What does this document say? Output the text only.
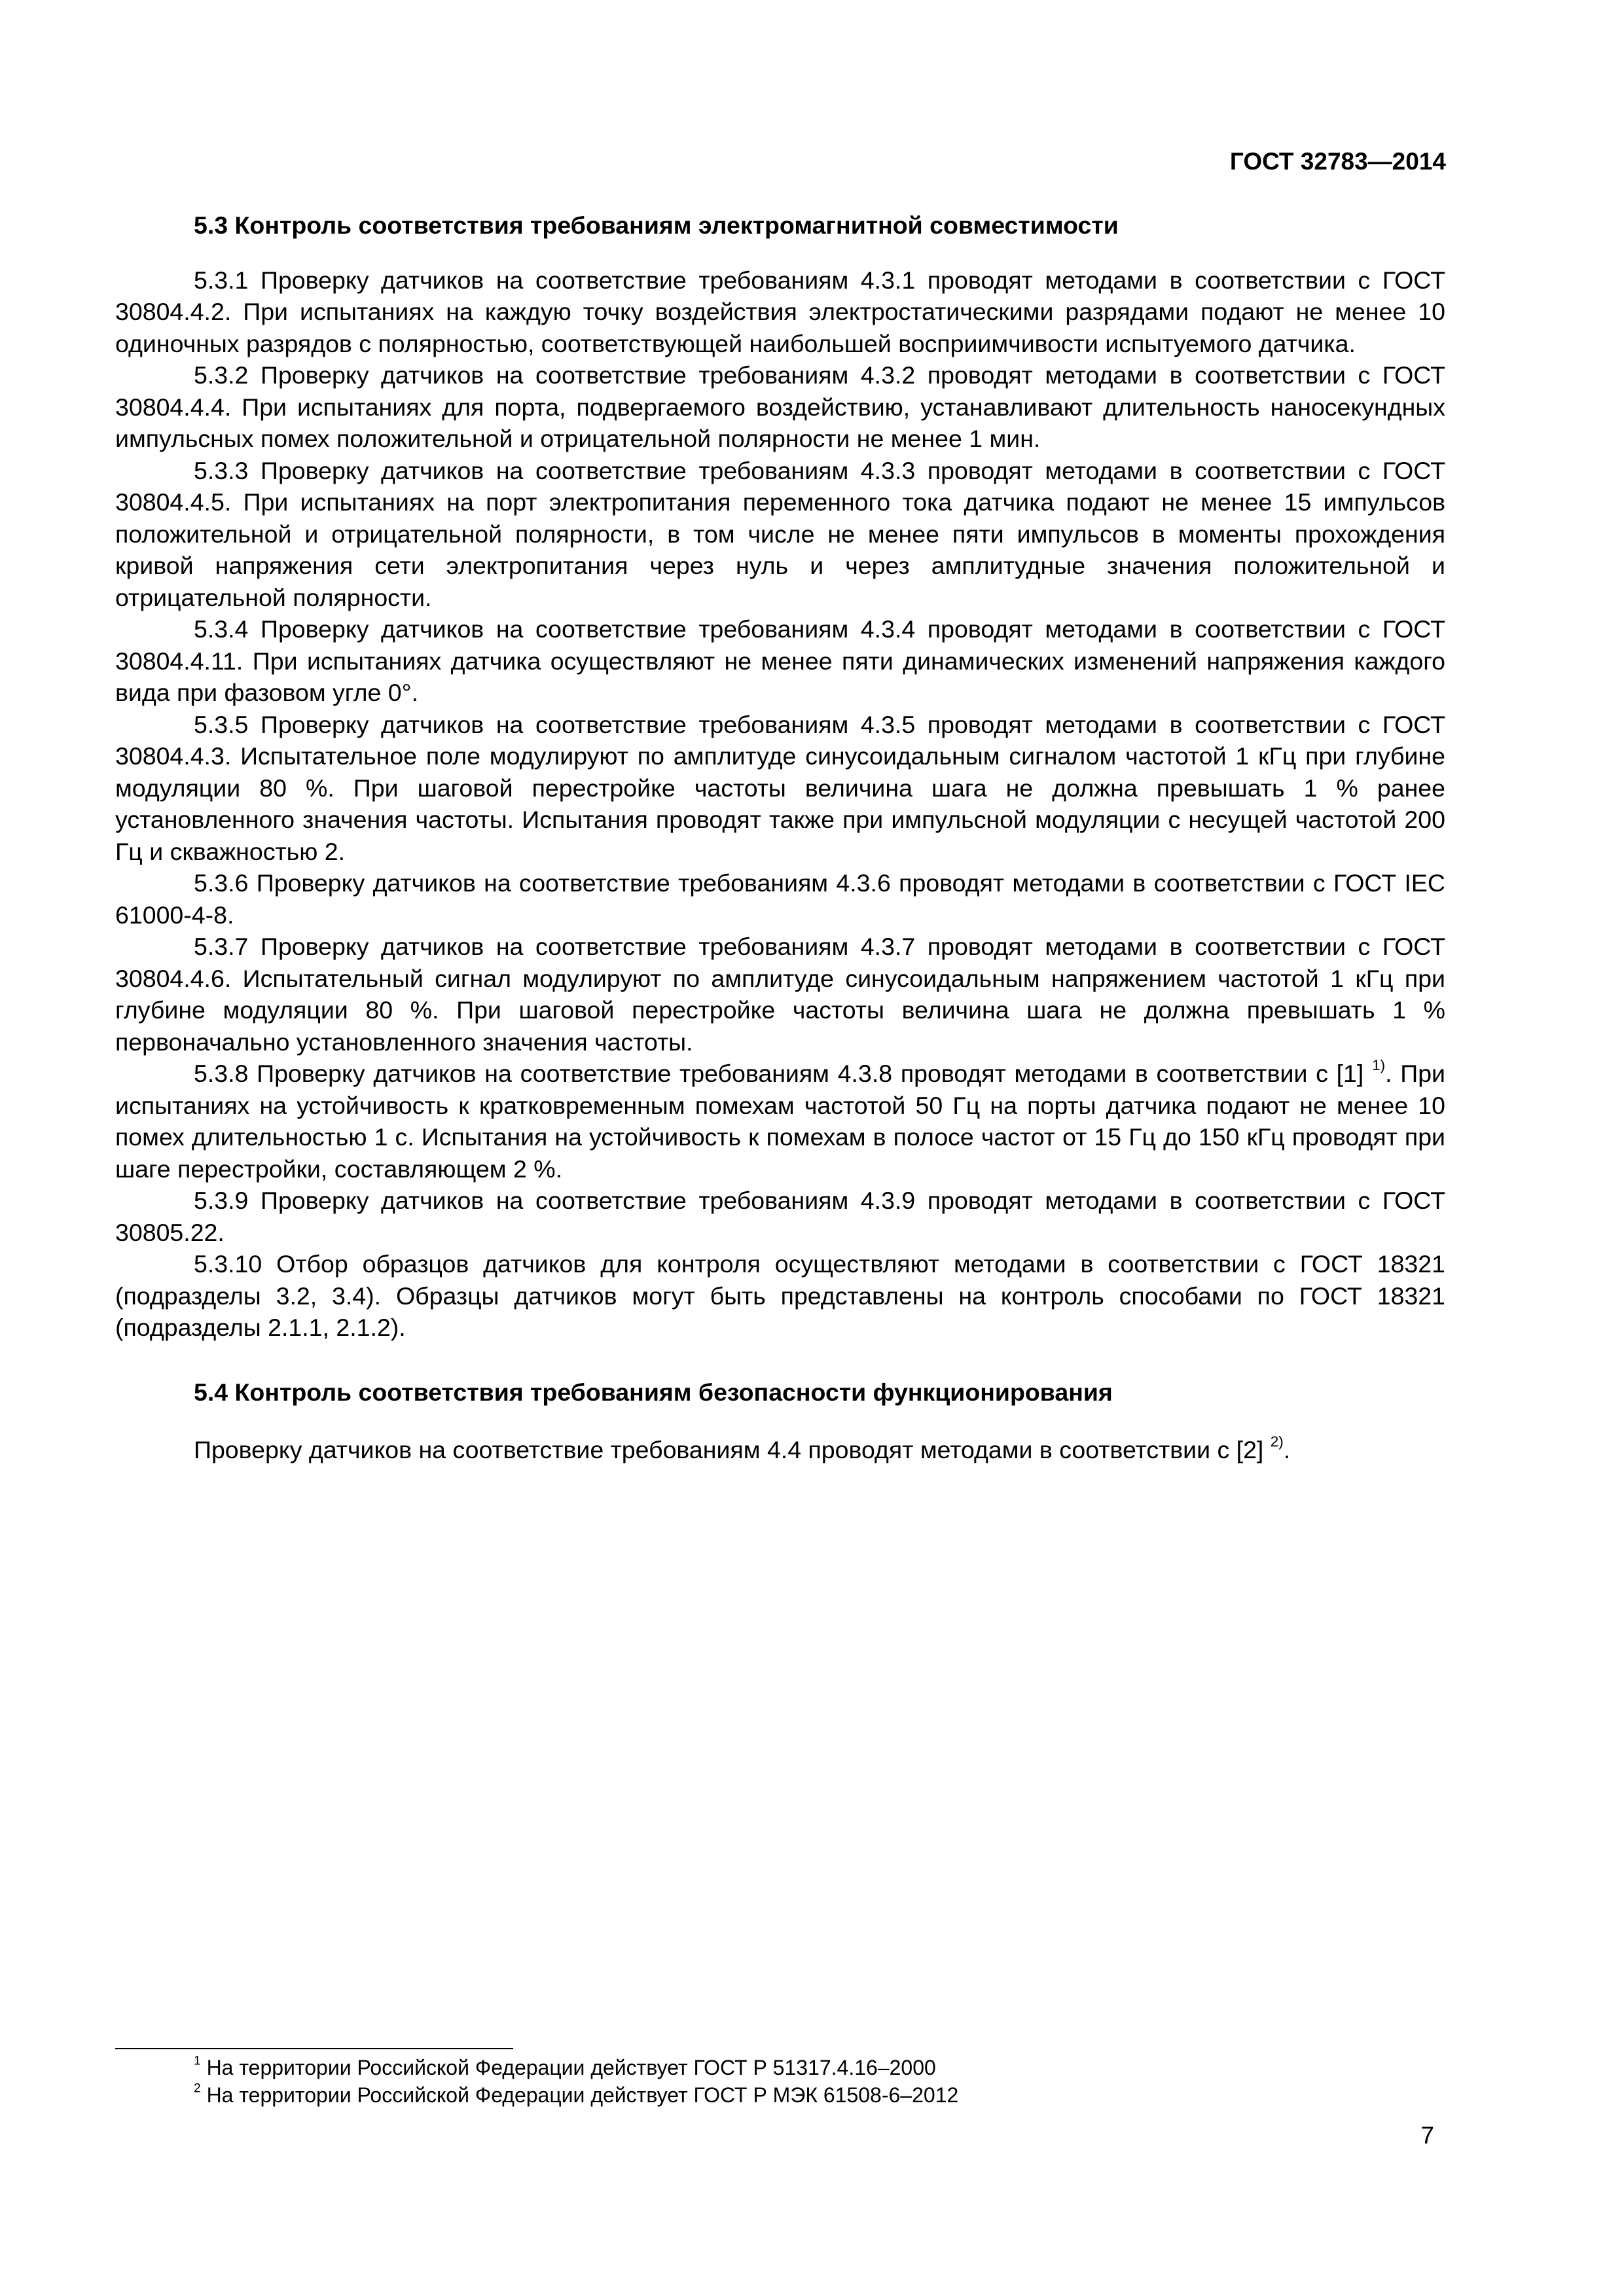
ГОСТ 32783—2014

5.3 Контроль соответствия требованиям электромагнитной совместимости

5.3.1 Проверку датчиков на соответствие требованиям 4.3.1 проводят методами в соответствии с ГОСТ 30804.4.2. При испытаниях на каждую точку воздействия электростатическими разрядами подают не менее 10 одиночных разрядов с полярностью, соответствующей наибольшей восприимчивости испытуемого датчика.

5.3.2 Проверку датчиков на соответствие требованиям 4.3.2 проводят методами в соответствии с ГОСТ 30804.4.4. При испытаниях для порта, подвергаемого воздействию, устанавливают длительность наносекундных импульсных помех положительной и отрицательной полярности не менее 1 мин.

5.3.3 Проверку датчиков на соответствие требованиям 4.3.3 проводят методами в соответствии с ГОСТ 30804.4.5. При испытаниях на порт электропитания переменного тока датчика подают не менее 15 импульсов положительной и отрицательной полярности, в том числе не менее пяти импульсов в моменты прохождения кривой напряжения сети электропитания через нуль и через амплитудные значения положительной и отрицательной полярности.

5.3.4 Проверку датчиков на соответствие требованиям 4.3.4 проводят методами в соответствии с ГОСТ 30804.4.11. При испытаниях датчика осуществляют не менее пяти динамических изменений напряжения каждого вида при фазовом угле 0°.

5.3.5 Проверку датчиков на соответствие требованиям 4.3.5 проводят методами в соответствии с ГОСТ 30804.4.3. Испытательное поле модулируют по амплитуде синусоидальным сигналом частотой 1 кГц при глубине модуляции 80 %. При шаговой перестройке частоты величина шага не должна превышать 1 % ранее установленного значения частоты. Испытания проводят также при импульсной модуляции с несущей частотой 200 Гц и скважностью 2.

5.3.6 Проверку датчиков на соответствие требованиям 4.3.6 проводят методами в соответствии с ГОСТ IEC 61000-4-8.

5.3.7 Проверку датчиков на соответствие требованиям 4.3.7 проводят методами в соответствии с ГОСТ 30804.4.6. Испытательный сигнал модулируют по амплитуде синусоидальным напряжением частотой 1 кГц при глубине модуляции 80 %. При шаговой перестройке частоты величина шага не должна превышать 1 % первоначально установленного значения частоты.

5.3.8 Проверку датчиков на соответствие требованиям 4.3.8 проводят методами в соответствии с [1] $^{1)}$. При испытаниях на устойчивость к кратковременным помехам частотой 50 Гц на порты датчика подают не менее 10 помех длительностью 1 с. Испытания на устойчивость к помехам в полосе частот от 15 Гц до 150 кГц проводят при шаге перестройки, составляющем 2 %.

5.3.9 Проверку датчиков на соответствие требованиям 4.3.9 проводят методами в соответствии с ГОСТ 30805.22.

5.3.10 Отбор образцов датчиков для контроля осуществляют методами в соответствии с ГОСТ 18321 (подразделы 3.2, 3.4). Образцы датчиков могут быть представлены на контроль способами по ГОСТ 18321 (подразделы 2.1.1, 2.1.2).

5.4 Контроль соответствия требованиям безопасности функционирования

Проверку датчиков на соответствие требованиям 4.4 проводят методами в соответствии с [2] $^{2)}$.

$^1$ На территории Российской Федерации действует ГОСТ Р 51317.4.16–2000
$^2$ На территории Российской Федерации действует ГОСТ Р МЭК 61508-6–2012
7
